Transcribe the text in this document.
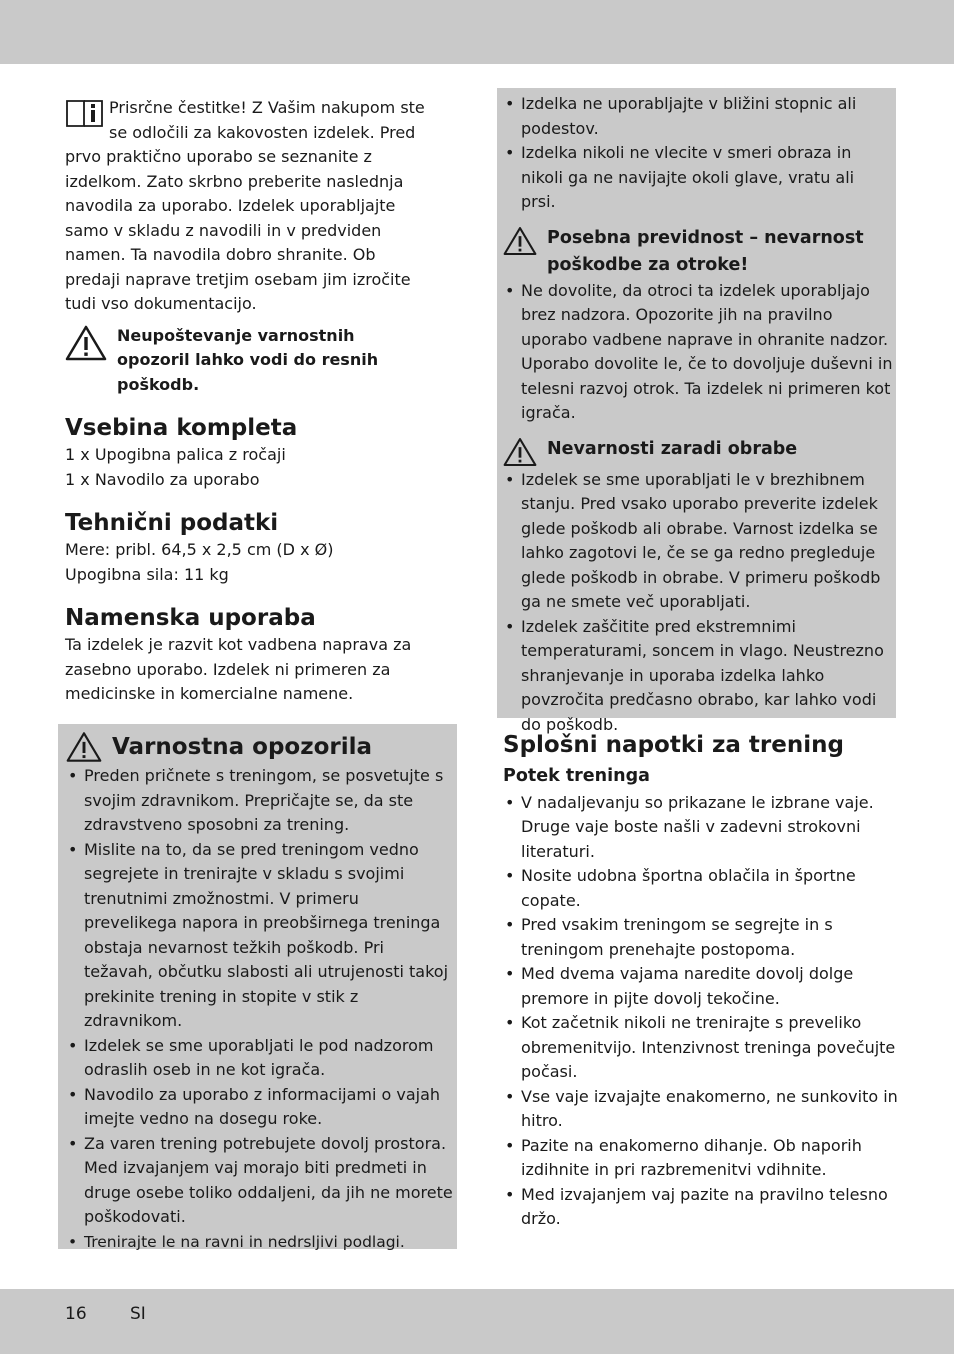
Prisrčne čestitke! Z Vašim nakupom ste se odločili za kakovosten izdelek. Pred prvo praktično uporabo se seznanite z izdelkom. Zato skrbno preberite naslednja navodila za uporabo. Izdelek uporabljajte samo v skladu z navodili in v predviden namen. Ta navodila dobro shranite. Ob predaji naprave tretjim osebam jim izročite tudi vso dokumentacijo.

Neupoštevanje varnostnih opozoril lahko vodi do resnih poškodb.

Vsebina kompleta

1 x Upogibna palica z ročaji

1 x Navodilo za uporabo

Tehnični podatki

Mere: pribl. 64,5 x 2,5 cm (D x Ø)

Upogibna sila: 11 kg

Namenska uporaba

Ta izdelek je razvit kot vadbena naprava za zasebno uporabo. Izdelek ni primeren za medicinske in komercialne namene.

Varnostna opozorila
• Preden pričnete s treningom, se posvetujte s svojim zdravnikom. Prepričajte se, da ste zdravstveno sposobni za trening.
• Mislite na to, da se pred treningom vedno segrejete in trenirajte v skladu s svojimi trenutnimi zmožnostmi. V primeru prevelikega napora in preobširnega treninga obstaja nevarnost težkih poškodb. Pri težavah, občutku slabosti ali utrujenosti takoj prekinite trening in stopite v stik z zdravnikom.
• Izdelek se sme uporabljati le pod nadzorom odraslih oseb in ne kot igrača.
• Navodilo za uporabo z informacijami o vajah imejte vedno na dosegu roke.
• Za varen trening potrebujete dovolj prostora. Med izvajanjem vaj morajo biti predmeti in druge osebe toliko oddaljeni, da jih ne morete poškodovati.
• Trenirajte le na ravni in nedrsljivi podlagi.
• Izdelka ne uporabljajte v bližini stopnic ali podestov.
• Izdelka nikoli ne vlecite v smeri obraza in nikoli ga ne navijajte okoli glave, vratu ali prsi.

Posebna previdnost – nevarnost poškodbe za otroke!

• Ne dovolite, da otroci ta izdelek uporabljajo brez nadzora. Opozorite jih na pravilno uporabo vadbene naprave in ohranite nadzor. Uporabo dovolite le, če to dovoljuje duševni in telesni razvoj otrok. Ta izdelek ni primeren kot igrača.

Nevarnosti zaradi obrabe

• Izdelek se sme uporabljati le v brezhibnem stanju. Pred vsako uporabo preverite izdelek glede poškodb ali obrabe. Varnost izdelka se lahko zagotovi le, če se ga redno pregleduje glede poškodb in obrabe. V primeru poškodb ga ne smete več uporabljati.
• Izdelek zaščitite pred ekstremnimi temperaturami, soncem in vlago. Neustrezno shranjevanje in uporaba izdelka lahko povzročita predčasno obrabo, kar lahko vodi do poškodb.
Splošni napotki za trening
Potek treninga
• V nadaljevanju so prikazane le izbrane vaje. Druge vaje boste našli v zadevni strokovni literaturi.
• Nosite udobna športna oblačila in športne copate.
• Pred vsakim treningom se segrejte in s treningom prenehajte postopoma.
• Med dvema vajama naredite dovolj dolge premore in pijte dovolj tekočine.
• Kot začetnik nikoli ne trenirajte s preveliko obremenitvijo. Intenzivnost treninga povečujte počasi.
• Vse vaje izvajajte enakomerno, ne sunkovito in hitro.
• Pazite na enakomerno dihanje. Ob naporih izdihnite in pri razbremenitvi vdihnite.
• Med izvajanjem vaj pazite na pravilno telesno držo.
16	SI
